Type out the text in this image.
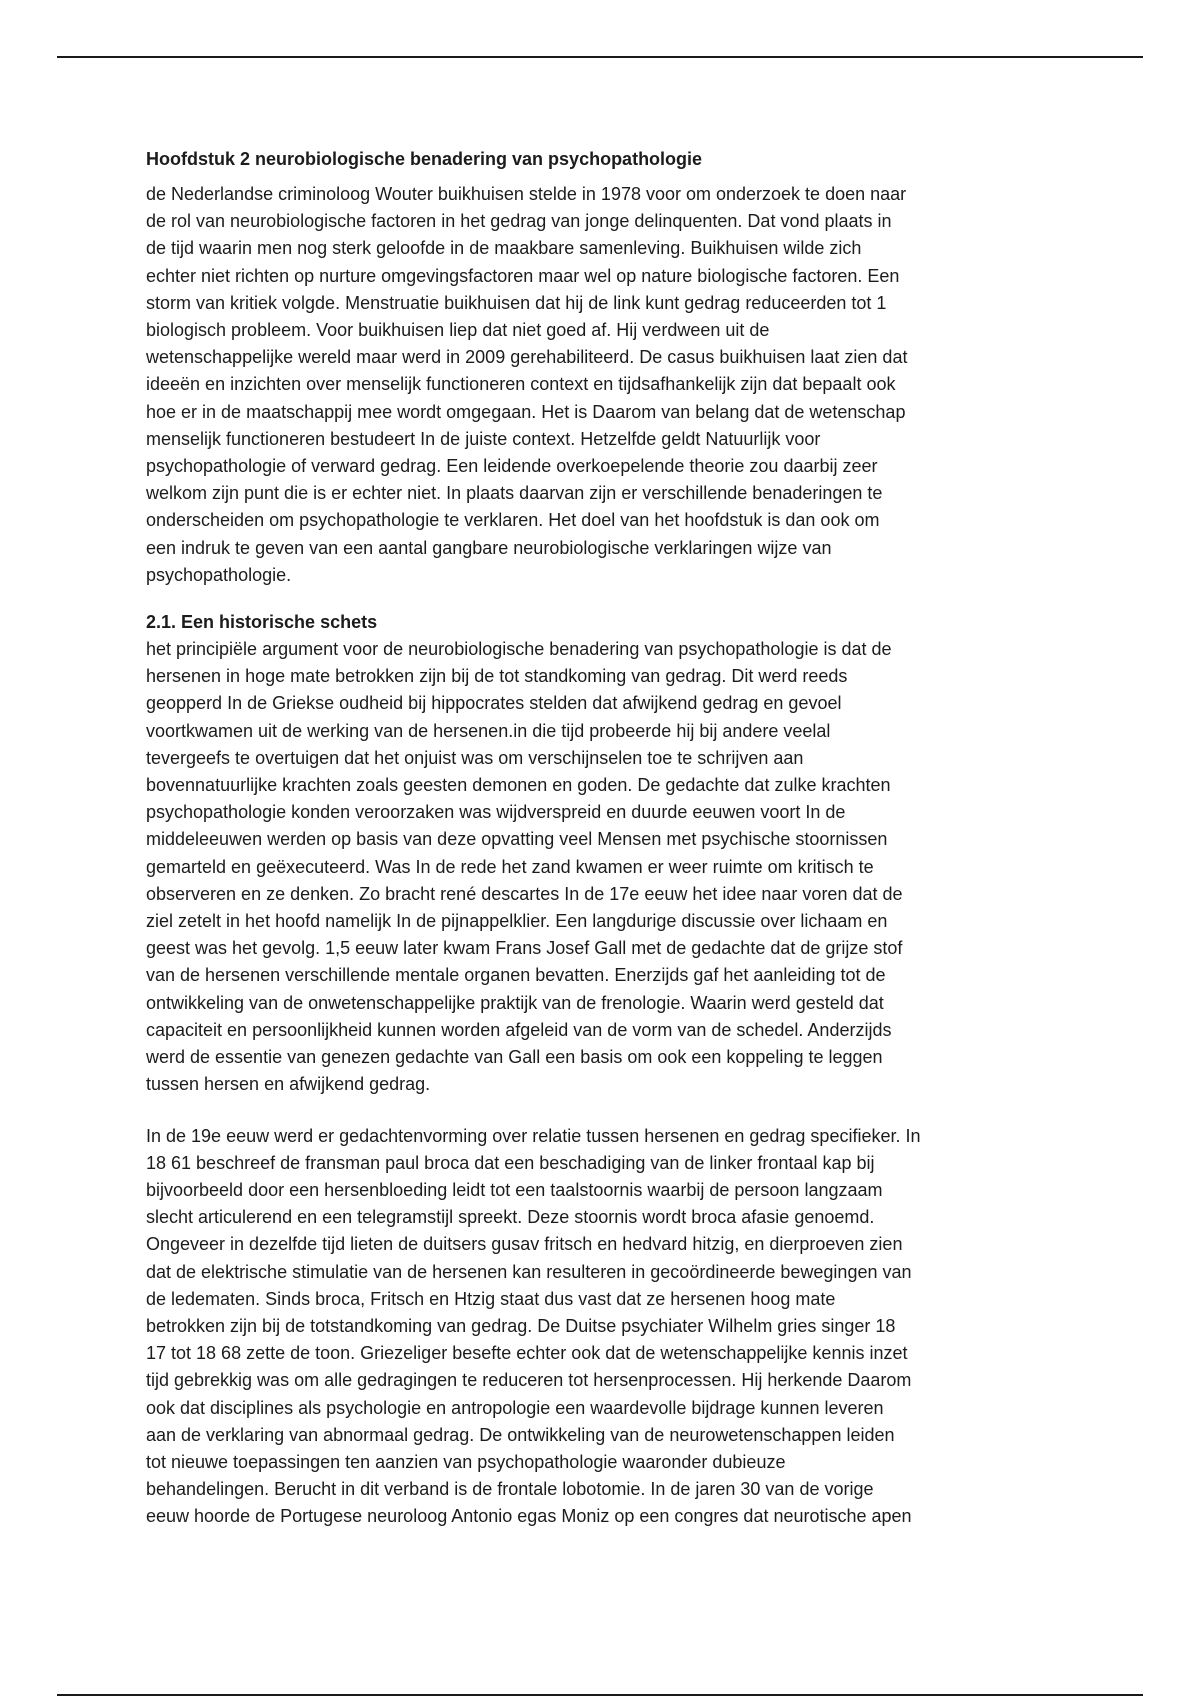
Hoofdstuk 2 neurobiologische benadering van psychopathologie

de Nederlandse criminoloog Wouter buikhuisen stelde in 1978 voor om onderzoek te doen naar
de rol van neurobiologische factoren in het gedrag van jonge delinquenten. Dat vond plaats in
de tijd waarin men nog sterk geloofde in de maakbare samenleving. Buikhuisen wilde zich
echter niet richten op nurture omgevingsfactoren maar wel op nature biologische factoren. Een
storm van kritiek volgde. Menstruatie buikhuisen dat hij de link kunt gedrag reduceerden tot 1
biologisch probleem. Voor buikhuisen liep dat niet goed af. Hij verdween uit de
wetenschappelijke wereld maar werd in 2009 gerehabiliteerd. De casus buikhuisen laat zien dat
ideeën en inzichten over menselijk functioneren context en tijdsafhankelijk zijn dat bepaalt ook
hoe er in de maatschappij mee wordt omgegaan. Het is Daarom van belang dat de wetenschap
menselijk functioneren bestudeert In de juiste context. Hetzelfde geldt Natuurlijk voor
psychopathologie of verward gedrag. Een leidende overkoepelende theorie zou daarbij zeer
welkom zijn punt die is er echter niet. In plaats daarvan zijn er verschillende benaderingen te
onderscheiden om psychopathologie te verklaren. Het doel van het hoofdstuk is dan ook om
een indruk te geven van een aantal gangbare neurobiologische verklaringen wijze van
psychopathologie.

2.1. Een historische schets

het principiële argument voor de neurobiologische benadering van psychopathologie is dat de
hersenen in hoge mate betrokken zijn bij de tot standkoming van gedrag. Dit werd reeds
geopperd In de Griekse oudheid bij hippocrates stelden dat afwijkend gedrag en gevoel
voortkwamen uit de werking van de hersenen.in die tijd probeerde hij bij andere veelal
tevergeefs te overtuigen dat het onjuist was om verschijnselen toe te schrijven aan
bovennatuurlijke krachten zoals geesten demonen en goden. De gedachte dat zulke krachten
psychopathologie konden veroorzaken was wijdverspreid en duurde eeuwen voort In de
middeleeuwen werden op basis van deze opvatting veel Mensen met psychische stoornissen
gemarteld en geëxecuteerd. Was In de rede het zand kwamen er weer ruimte om kritisch te
observeren en ze denken. Zo bracht rené descartes In de 17e eeuw het idee naar voren dat de
ziel zetelt in het hoofd namelijk In de pijnappelklier. Een langdurige discussie over lichaam en
geest was het gevolg. 1,5 eeuw later kwam Frans Josef Gall met de gedachte dat de grijze stof
van de hersenen verschillende mentale organen bevatten. Enerzijds gaf het aanleiding tot de
ontwikkeling van de onwetenschappelijke praktijk van de frenologie. Waarin werd gesteld dat
capaciteit en persoonlijkheid kunnen worden afgeleid van de vorm van de schedel. Anderzijds
werd de essentie van genezen gedachte van Gall een basis om ook een koppeling te leggen
tussen hersen en afwijkend gedrag.

In de 19e eeuw werd er gedachtenvorming over relatie tussen hersenen en gedrag specifieker. In
18 61 beschreef de fransman paul broca dat een beschadiging van de linker frontaal kap bij
bijvoorbeeld door een hersenbloeding leidt tot een taalstoornis waarbij de persoon langzaam
slecht articulerend en een telegramstijl spreekt. Deze stoornis wordt broca afasie genoemd.
Ongeveer in dezelfde tijd lieten de duitsers gusav fritsch en hedvard hitzig, en dierproeven zien
dat de elektrische stimulatie van de hersenen kan resulteren in gecoördineerde bewegingen van
de ledematen. Sinds broca, Fritsch en Htzig staat dus vast dat ze hersenen hoog mate
betrokken zijn bij de totstandkoming van gedrag. De Duitse psychiater Wilhelm gries singer 18
17 tot 18 68 zette de toon. Griezeliger besefte echter ook dat de wetenschappelijke kennis inzet
tijd gebrekkig was om alle gedragingen te reduceren tot hersenprocessen. Hij herkende Daarom
ook dat disciplines als psychologie en antropologie een waardevolle bijdrage kunnen leveren
aan de verklaring van abnormaal gedrag. De ontwikkeling van de neurowetenschappen leiden
tot nieuwe toepassingen ten aanzien van psychopathologie waaronder dubieuze
behandelingen. Berucht in dit verband is de frontale lobotomie. In de jaren 30 van de vorige
eeuw hoorde de Portugese neuroloog Antonio egas Moniz op een congres dat neurotische apen
